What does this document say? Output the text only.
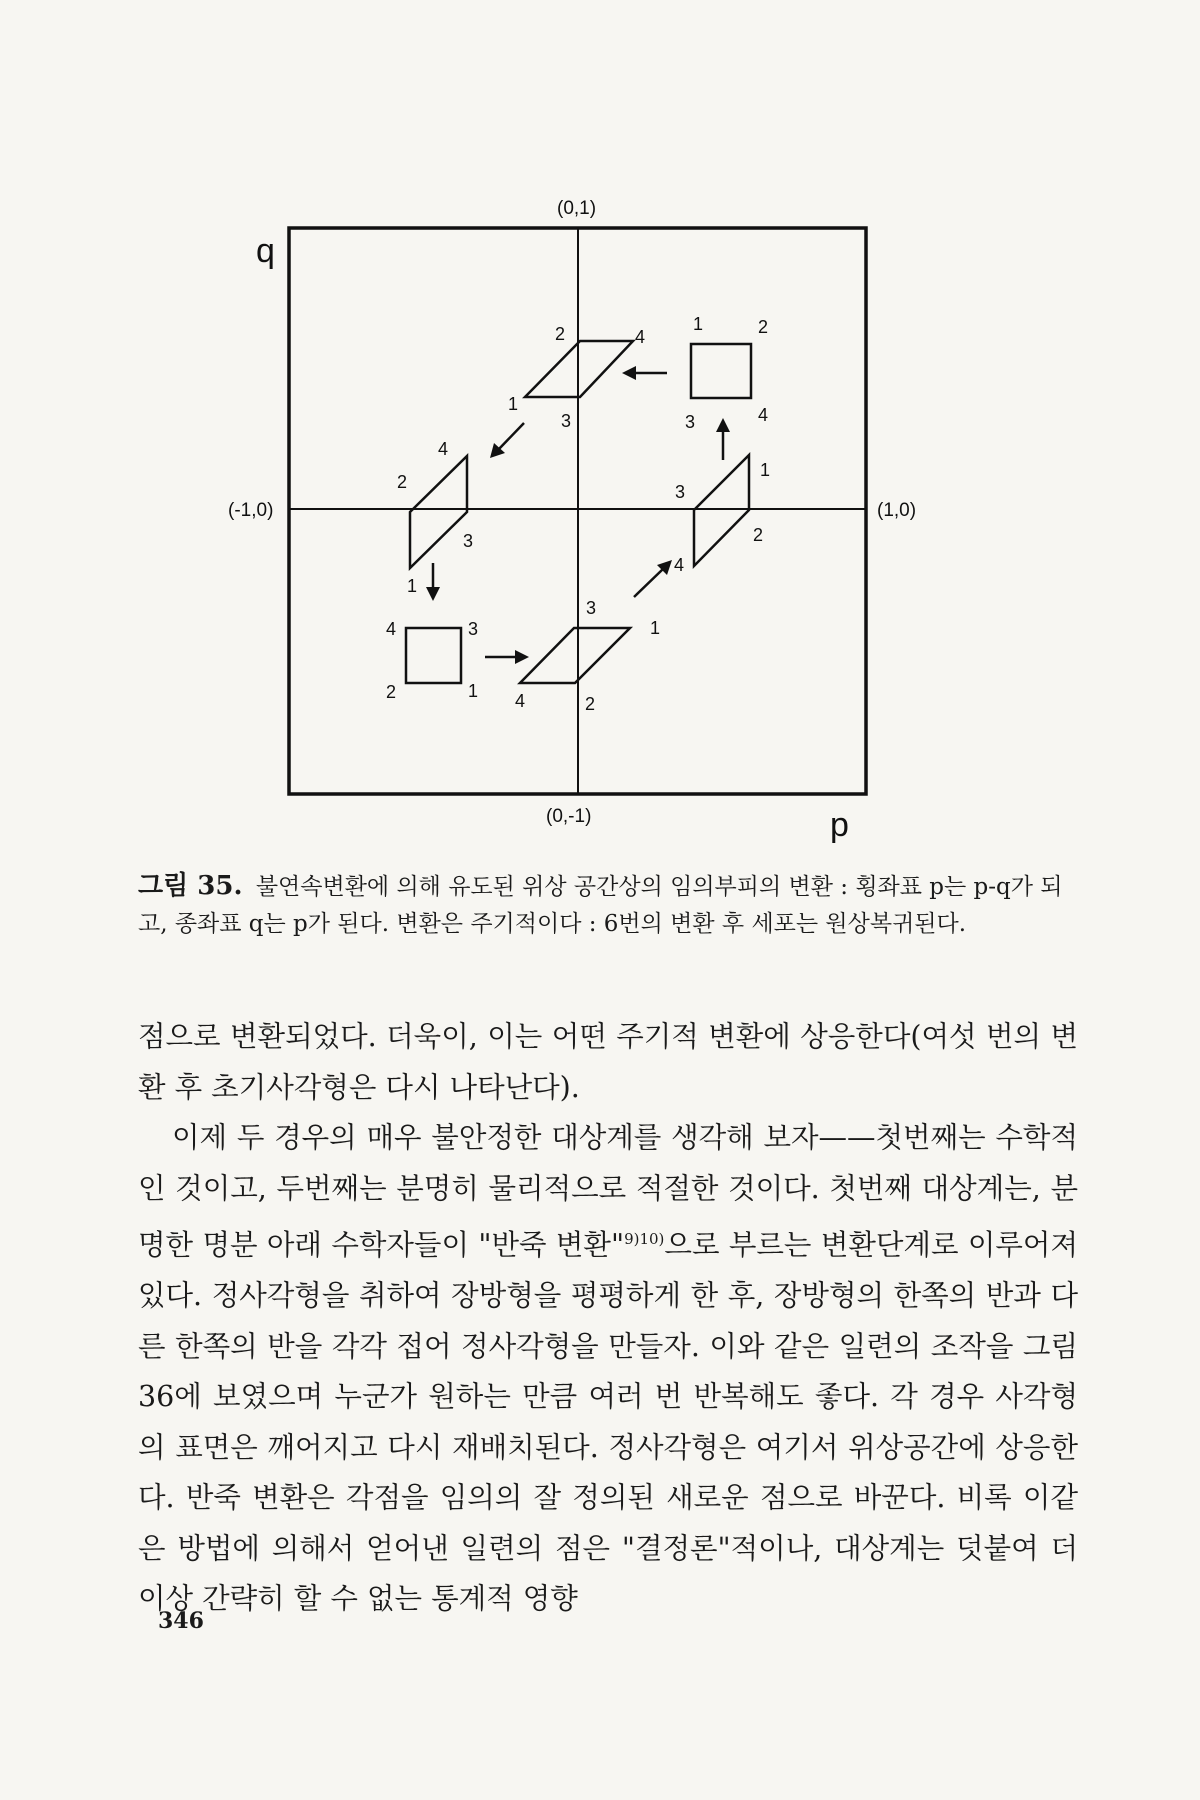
q
p
(0,1)
(0,-1)
(-1,0)	(1,0)
1	2
3	4
1
2
3
4
1
2
3
4
1
2
3
4	1
2
3
4
1
2
3
4
그림 35. 불연속변환에 의해 유도된 위상 공간상의 임의부피의 변환 : 횡좌표 p는 p-q가 되고, 종좌표 q는 p가 된다. 변환은 주기적이다 : 6번의 변환 후 세포는 원상복귀된다.

점으로 변환되었다. 더욱이, 이는 어떤 주기적 변환에 상응한다(여섯 번의 변환 후 초기사각형은 다시 나타난다).

이제 두 경우의 매우 불안정한 대상계를 생각해 보자——첫번째는 수학적인 것이고, 두번째는 분명히 물리적으로 적절한 것이다. 첫번째 대상계는, 분명한 명분 아래 수학자들이 "반죽 변환"$^{9)10)}$으로 부르는 변환단계로 이루어져 있다. 정사각형을 취하여 장방형을 평평하게 한 후, 장방형의 한쪽의 반과 다른 한쪽의 반을 각각 접어 정사각형을 만들자. 이와 같은 일련의 조작을 그림 36에 보였으며 누군가 원하는 만큼 여러 번 반복해도 좋다. 각 경우 사각형의 표면은 깨어지고 다시 재배치된다. 정사각형은 여기서 위상공간에 상응한다. 반죽 변환은 각점을 임의의 잘 정의된 새로운 점으로 바꾼다. 비록 이같은 방법에 의해서 얻어낸 일련의 점은 "결정론"적이나, 대상계는 덧붙여 더이상 간략히 할 수 없는 통계적 영향

346
